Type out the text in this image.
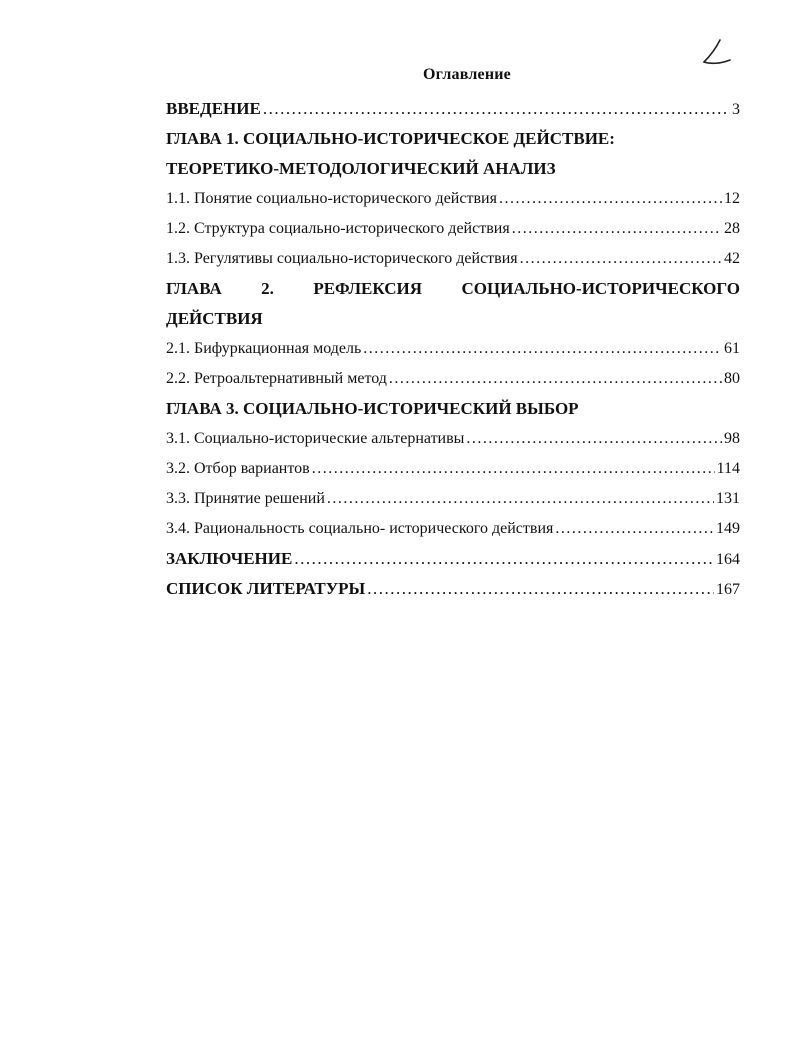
Оглавление
ВВЕДЕНИЕ .....	3
ГЛАВА 1. СОЦИАЛЬНО-ИСТОРИЧЕСКОЕ ДЕЙСТВИЕ:
ТЕОРЕТИКО-МЕТОДОЛОГИЧЕСКИЙ АНАЛИЗ
1.1. Понятие социально-исторического действия .....	12
1.2. Структура социально-исторического действия .....	28
1.3. Регулятивы социально-исторического действия .....	42
ГЛАВА 2. РЕФЛЕКСИЯ СОЦИАЛЬНО-ИСТОРИЧЕСКОГО
ДЕЙСТВИЯ
2.1. Бифуркационная модель .....	61
2.2. Ретроальтернативный метод .....	80
ГЛАВА 3. СОЦИАЛЬНО-ИСТОРИЧЕСКИЙ ВЫБОР
3.1. Социально-исторические альтернативы .....	98
3.2. Отбор вариантов .....	114
3.3. Принятие решений .....	131
3.4. Рациональность социально- исторического действия .....	149
ЗАКЛЮЧЕНИЕ .....	164
СПИСОК ЛИТЕРАТУРЫ .....	167
